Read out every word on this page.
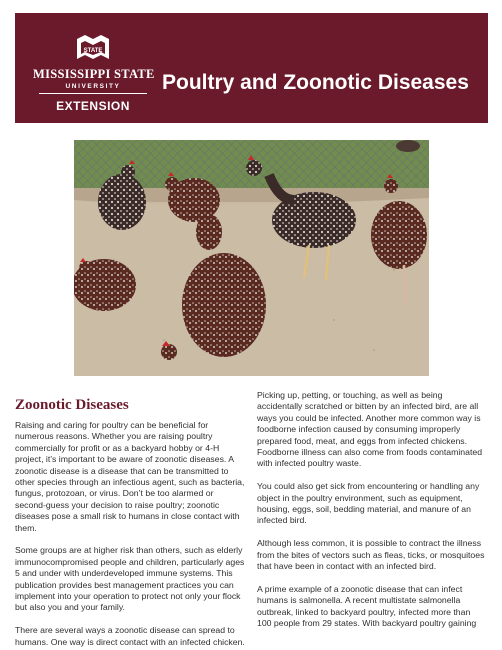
STATE
MISSISSIPPI STATE
UNIVERSITY
EXTENSION
Poultry and Zoonotic Diseases
Zoonotic Diseases

Raising and caring for poultry can be beneficial for numerous reasons. Whether you are raising poultry commercially for profit or as a backyard hobby or 4-H project, it’s important to be aware of zoonotic diseases. A zoonotic disease is a disease that can be transmitted to other species through an infectious agent, such as bacteria, fungus, protozoan, or virus. Don’t be too alarmed or second-guess your decision to raise poultry; zoonotic diseases pose a small risk to humans in close contact with them.

Some groups are at higher risk than others, such as elderly immunocompromised people and children, particularly ages 5 and under with underdeveloped immune systems. This publication provides best management practices you can implement into your operation to protect not only your flock but also you and your family.

There are several ways a zoonotic disease can spread to humans. One way is direct contact with an infected chicken.

Picking up, petting, or touching, as well as being accidentally scratched or bitten by an infected bird, are all ways you could be infected. Another more common way is foodborne infection caused by consuming improperly prepared food, meat, and eggs from infected chickens. Foodborne illness can also come from foods contaminated with infected poultry waste.

You could also get sick from encountering or handling any object in the poultry environment, such as equipment, housing, eggs, soil, bedding material, and manure of an infected bird.

Although less common, it is possible to contract the illness from the bites of vectors such as fleas, ticks, or mosquitoes that have been in contact with an infected bird.

A prime example of a zoonotic disease that can infect humans is salmonella. A recent multistate salmonella outbreak, linked to backyard poultry, infected more than 100 people from 29 states. With backyard poultry gaining
